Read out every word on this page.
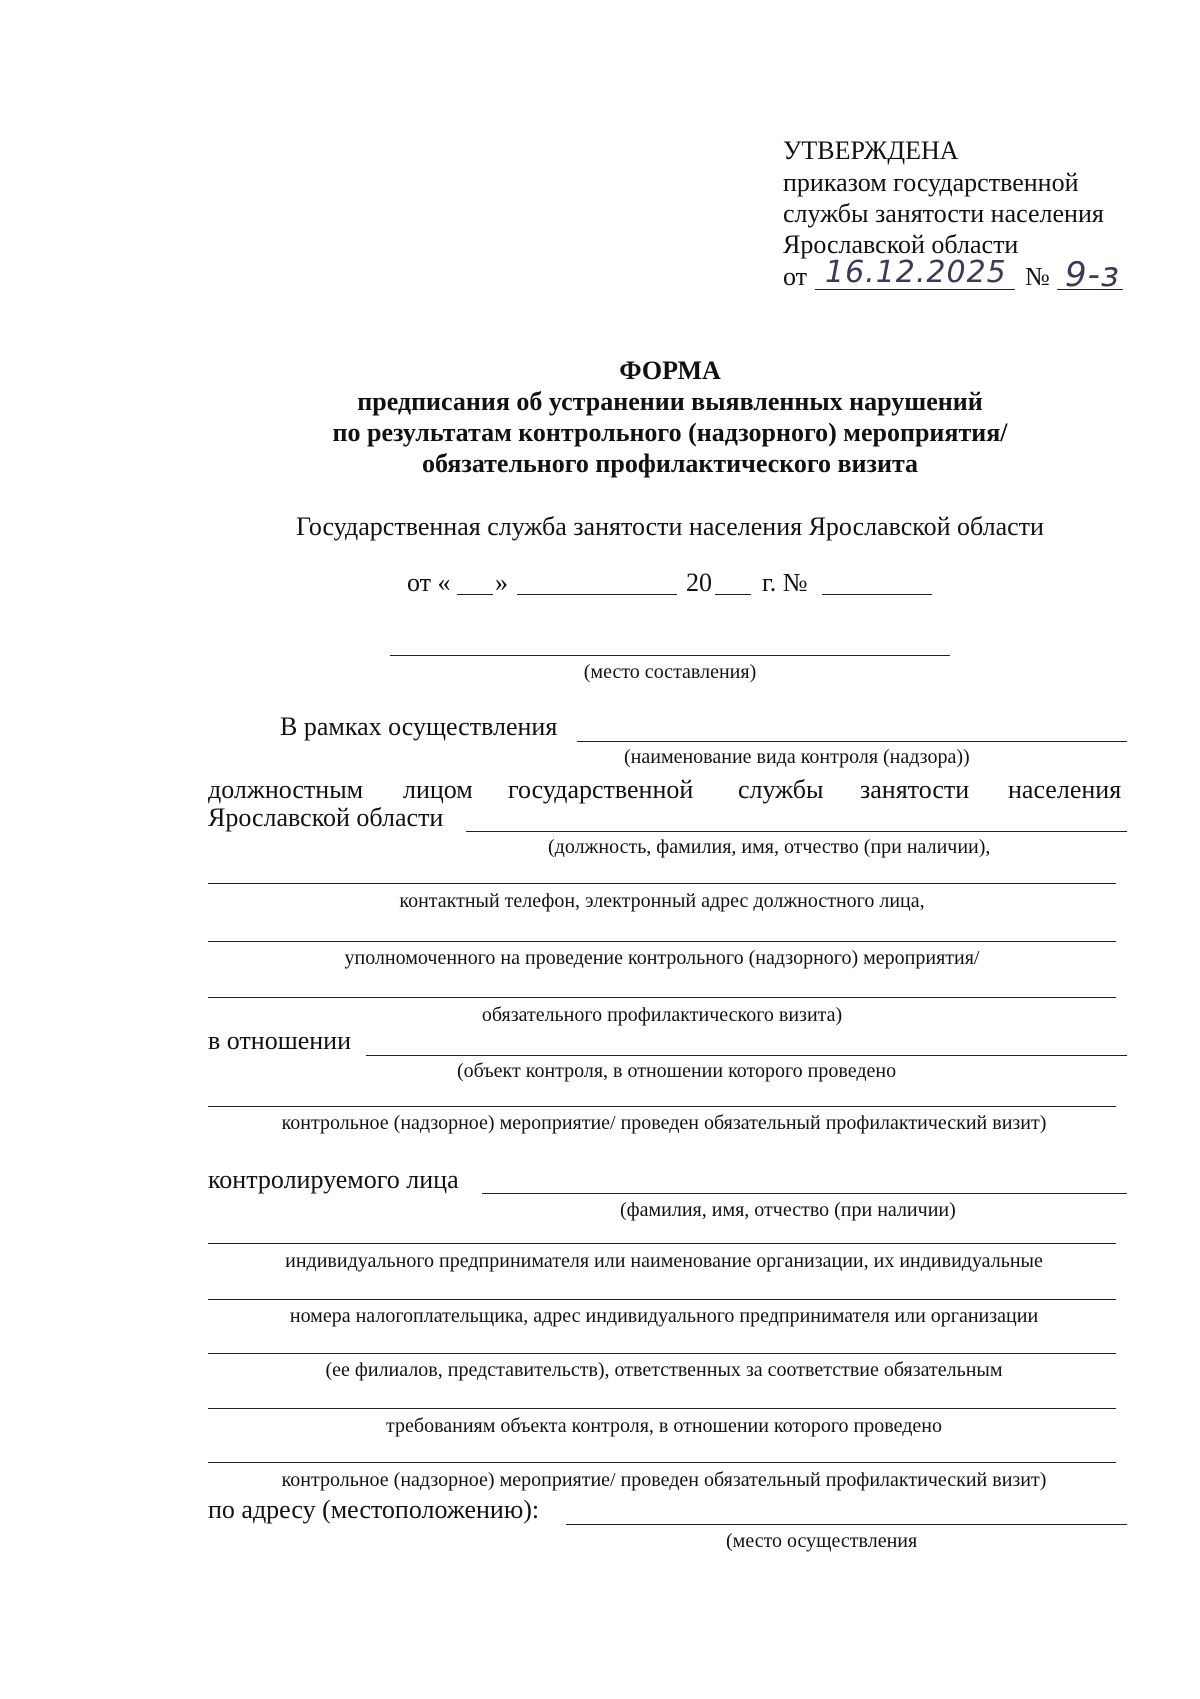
УТВЕРЖДЕНА
приказом государственной
службы занятости населения
Ярославской области
от 16.12.2025 № 9-з
ФОРМА
предписания об устранении выявленных нарушений
по результатам контрольного (надзорного) мероприятия/
обязательного профилактического визита
Государственная служба занятости населения Ярославской области
от « »	20 г. №
(место составления)
В рамках осуществления
(наименование вида контроля (надзора))
должностным лицом государственной службы занятости населения
Ярославской области
(должность, фамилия, имя, отчество (при наличии),
контактный телефон, электронный адрес должностного лица,
уполномоченного на проведение контрольного (надзорного) мероприятия/
обязательного профилактического визита)
в отношении
(объект контроля, в отношении которого проведено
контрольное (надзорное) мероприятие/ проведен обязательный профилактический визит)
контролируемого лица
(фамилия, имя, отчество (при наличии)
индивидуального предпринимателя или наименование организации, их индивидуальные
номера налогоплательщика, адрес индивидуального предпринимателя или организации
(ее филиалов, представительств), ответственных за соответствие обязательным
требованиям объекта контроля, в отношении которого проведено
контрольное (надзорное) мероприятие/ проведен обязательный профилактический визит)
по адресу (местоположению):
(место осуществления
